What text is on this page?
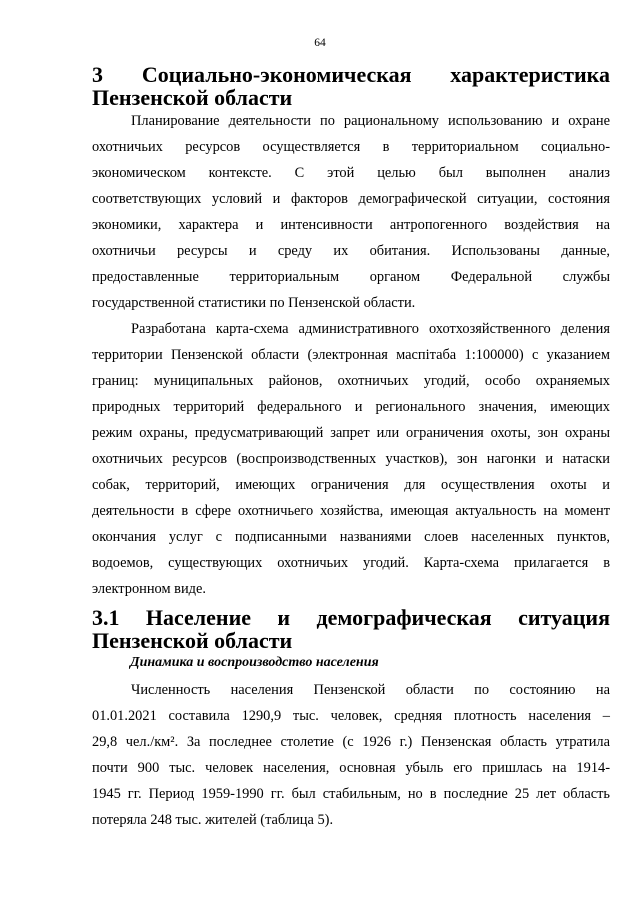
64
3 Социально-экономическая характеристика
Пензенской области
Планирование деятельности по рациональному использованию и охране
охотничьих ресурсов осуществляется в территориальном социально-
экономическом контексте. С этой целью был выполнен анализ
соответствующих условий и факторов демографической ситуации, состояния
экономики, характера и интенсивности антропогенного воздействия на
охотничьи ресурсы и среду их обитания. Использованы данные,
предоставленные территориальным органом Федеральной службы
государственной статистики по Пензенской области.
Разработана карта-схема административного охотхозяйственного деления
территории Пензенской области (электронная маспітаба 1:100000) с указанием
границ: муниципальных районов, охотничьих угодий, особо охраняемых
природных территорий федерального и регионального значения, имеющих
режим охраны, предусматривающий запрет или ограничения охоты, зон охраны
охотничьих ресурсов (воспроизводственных участков), зон нагонки и натаски
собак, территорий, имеющих ограничения для осуществления охоты и
деятельности в сфере охотничьего хозяйства, имеющая актуальность на момент
окончания услуг с подписанными названиями слоев населенных пунктов,
водоемов, существующих охотничьих угодий. Карта-схема прилагается в
электронном виде.
3.1 Население и демографическая ситуация
Пензенской области
Динамика и воспроизводство населения
Численность населения Пензенской области по состоянию на
01.01.2021 составила 1290,9 тыс. человек, средняя плотность населения –
29,8 чел./км². За последнее столетие (с 1926 г.) Пензенская область утратила
почти 900 тыс. человек населения, основная убыль его пришлась на 1914-
1945 гг. Период 1959-1990 гг. был стабильным, но в последние 25 лет область
потеряла 248 тыс. жителей (таблица 5).
